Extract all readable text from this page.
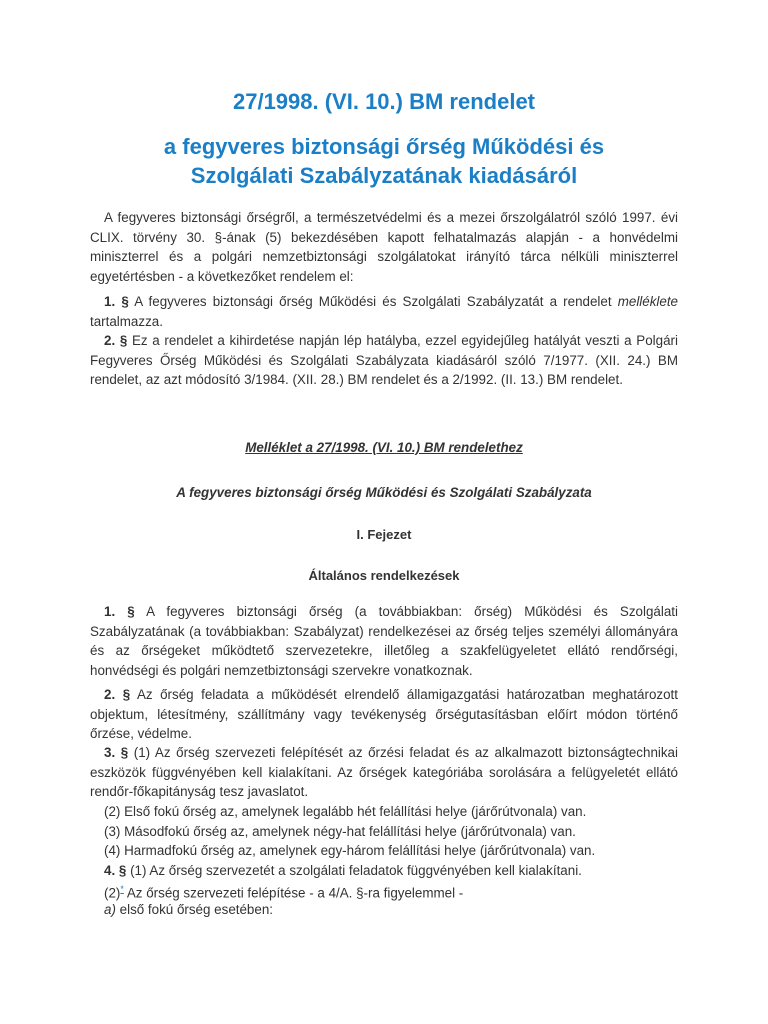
27/1998. (VI. 10.) BM rendelet
a fegyveres biztonsági őrség Működési és
Szolgálati Szabályzatának kiadásáról
A fegyveres biztonsági őrségről, a természetvédelmi és a mezei őrszolgálatról szóló 1997. évi CLIX. törvény 30. §-ának (5) bekezdésében kapott felhatalmazás alapján - a honvédelmi miniszterrel és a polgári nemzetbiztonsági szolgálatokat irányító tárca nélküli miniszterrel egyetértésben - a következőket rendelem el:
1. § A fegyveres biztonsági őrség Működési és Szolgálati Szabályzatát a rendelet melléklete tartalmazza.
2. § Ez a rendelet a kihirdetése napján lép hatályba, ezzel egyidejűleg hatályát veszti a Polgári Fegyveres Őrség Működési és Szolgálati Szabályzata kiadásáról szóló 7/1977. (XII. 24.) BM rendelet, az azt módosító 3/1984. (XII. 28.) BM rendelet és a 2/1992. (II. 13.) BM rendelet.
Melléklet a 27/1998. (VI. 10.) BM rendelethez
A fegyveres biztonsági őrség Működési és Szolgálati Szabályzata
I. Fejezet
Általános rendelkezések
1. § A fegyveres biztonsági őrség (a továbbiakban: őrség) Működési és Szolgálati Szabályzatának (a továbbiakban: Szabályzat) rendelkezései az őrség teljes személyi állományára és az őrségeket működtető szervezetekre, illetőleg a szakfelügyeletet ellátó rendőrségi, honvédségi és polgári nemzetbiztonsági szervekre vonatkoznak.
2. § Az őrség feladata a működését elrendelő államigazgatási határozatban meghatározott objektum, létesítmény, szállítmány vagy tevékenység őrségutasításban előírt módon történő őrzése, védelme.
3. § (1) Az őrség szervezeti felépítését az őrzési feladat és az alkalmazott biztonságtechnikai eszközök függvényében kell kialakítani. Az őrségek kategóriába sorolására a felügyeletét ellátó rendőr-főkapitányság tesz javaslatot.
(2) Első fokú őrség az, amelynek legalább hét felállítási helye (járőrútvonala) van.
(3) Másodfokú őrség az, amelynek négy-hat felállítási helye (járőrútvonala) van.
(4) Harmadfokú őrség az, amelynek egy-három felállítási helye (járőrútvonala) van.
4. § (1) Az őrség szervezetét a szolgálati feladatok függvényében kell kialakítani.
(2)* Az őrség szervezeti felépítése - a 4/A. §-ra figyelemmel -
a) első fokú őrség esetében:
